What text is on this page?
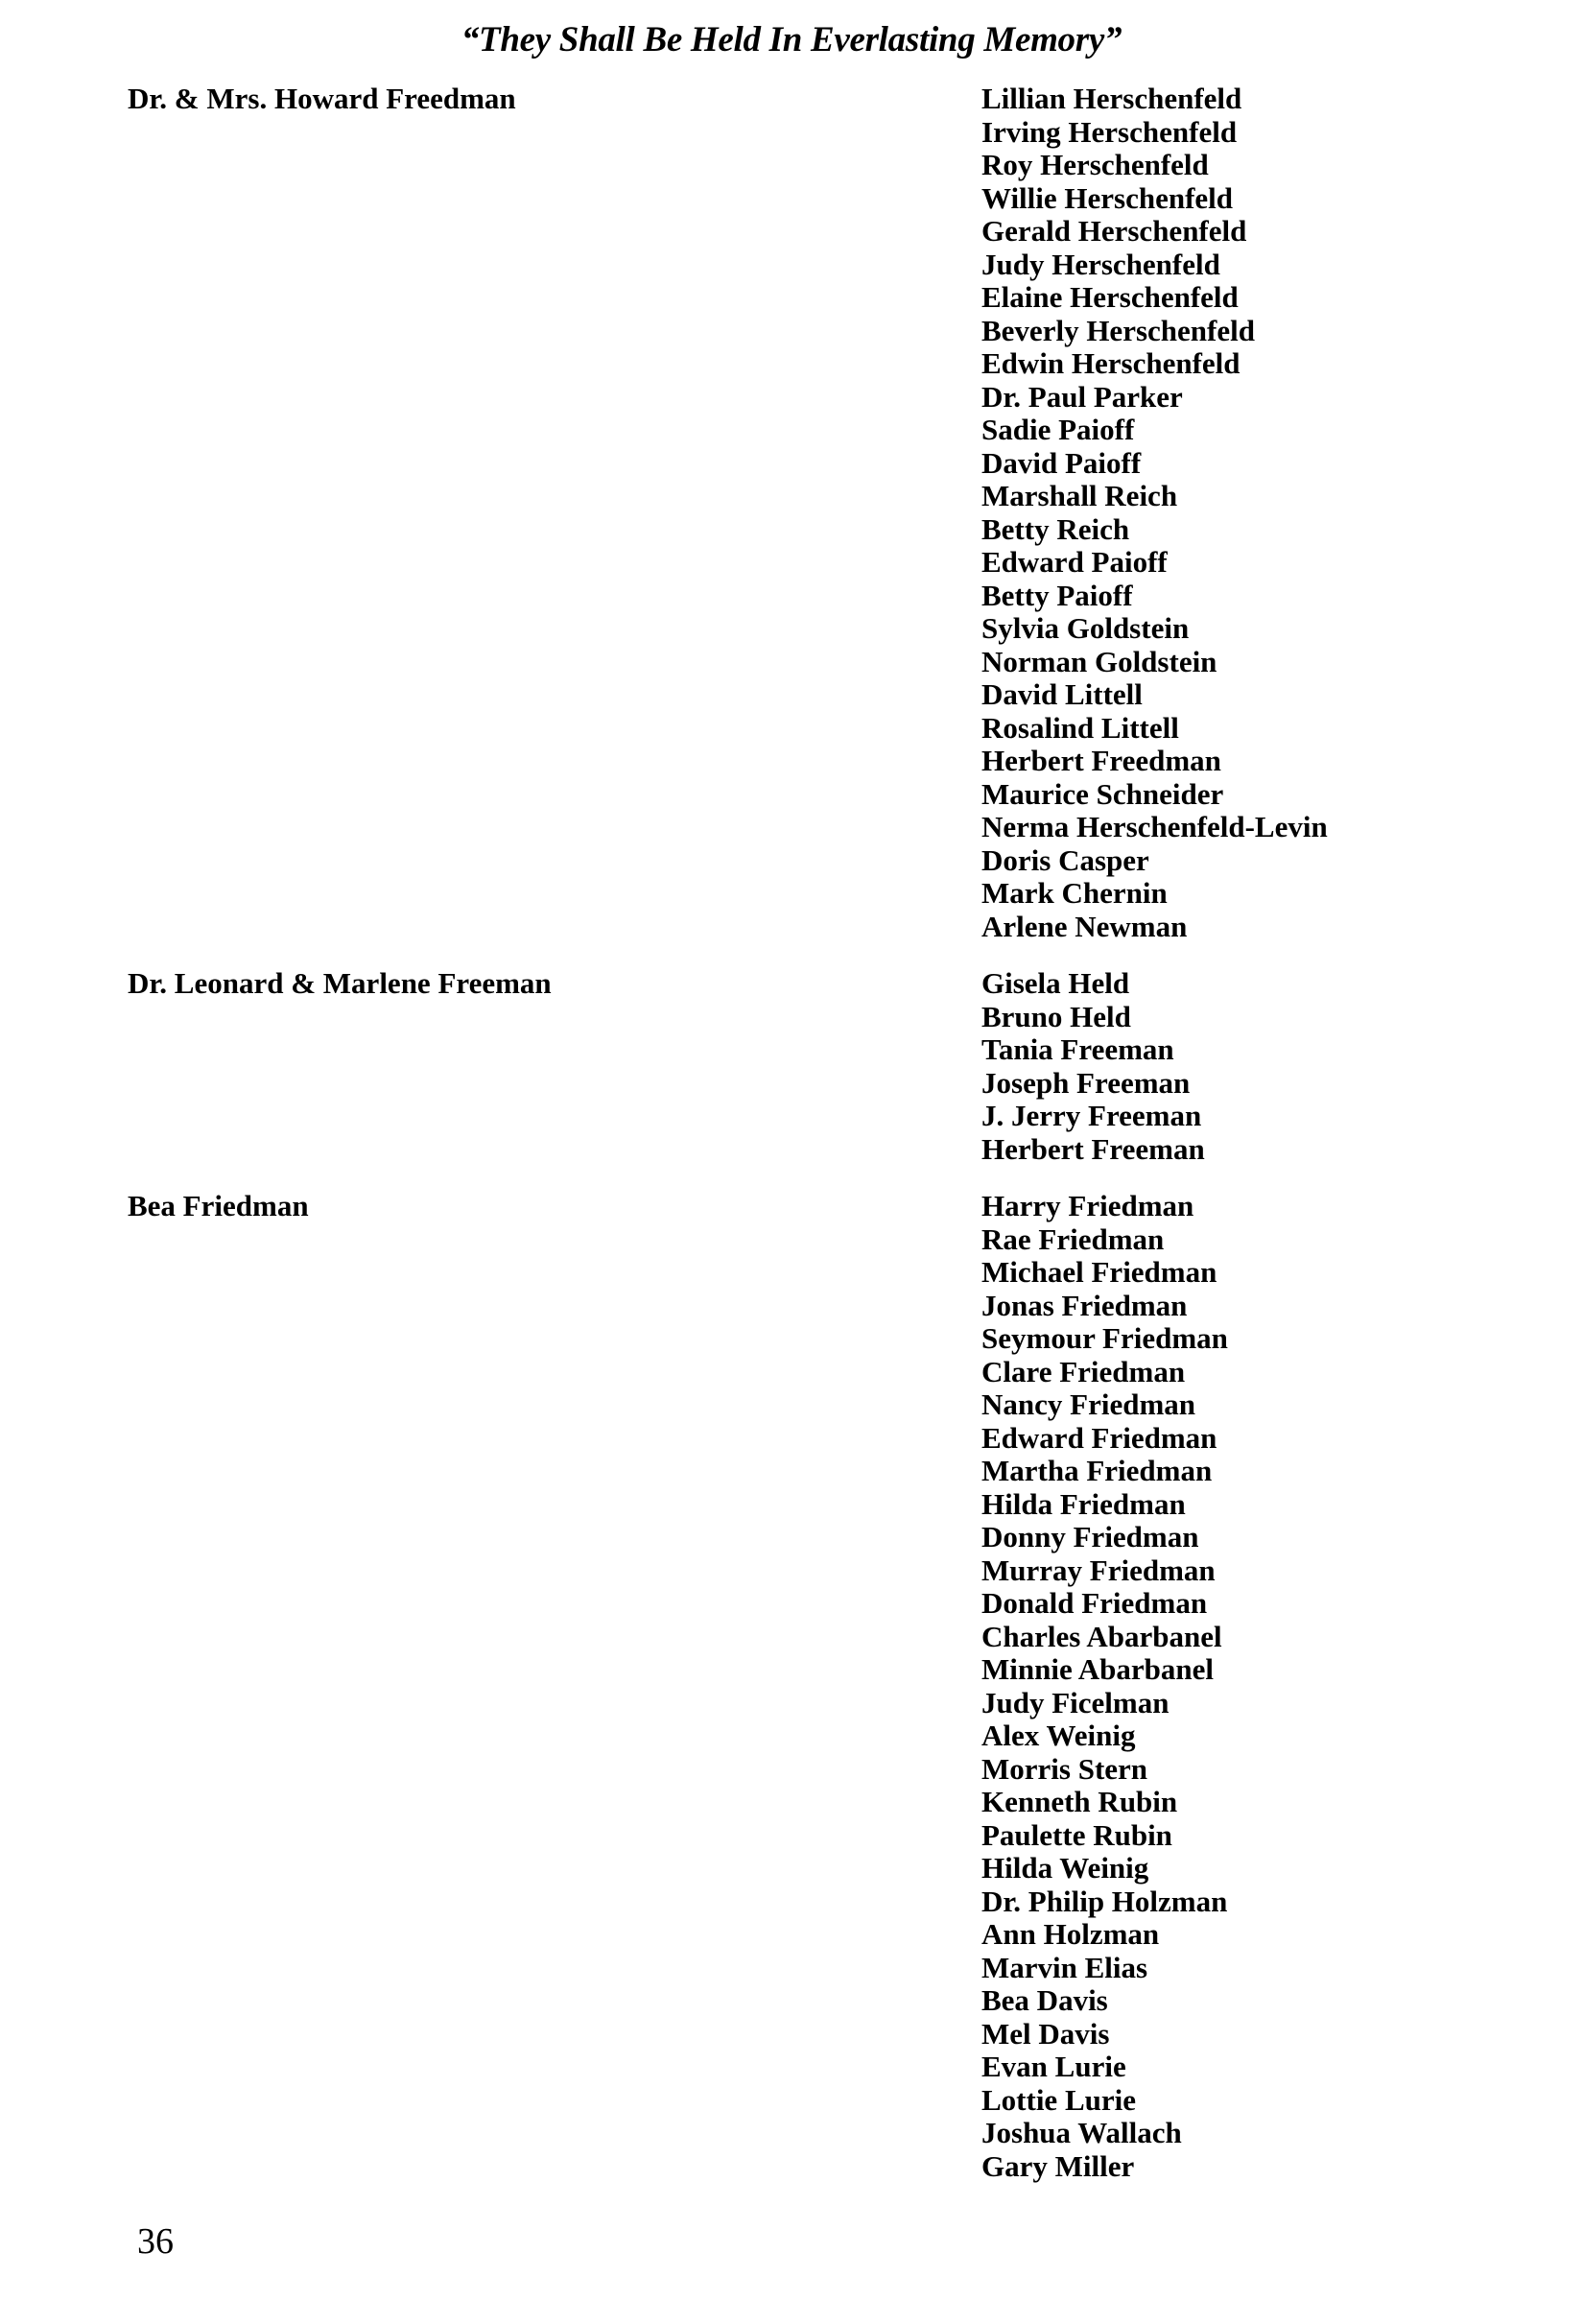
“They Shall Be Held In Everlasting Memory”
Dr. & Mrs. Howard Freedman	Lillian Herschenfeld
Irving Herschenfeld
Roy Herschenfeld
Willie Herschenfeld
Gerald Herschenfeld
Judy Herschenfeld
Elaine Herschenfeld
Beverly Herschenfeld
Edwin Herschenfeld
Dr. Paul Parker
Sadie Paioff
David Paioff
Marshall Reich
Betty Reich
Edward Paioff
Betty Paioff
Sylvia Goldstein
Norman Goldstein
David Littell
Rosalind Littell
Herbert Freedman
Maurice Schneider
Nerma Herschenfeld-Levin
Doris Casper
Mark Chernin
Arlene Newman
Dr. Leonard & Marlene Freeman	Gisela Held
Bruno Held
Tania Freeman
Joseph Freeman
J. Jerry Freeman
Herbert Freeman
Bea Friedman	Harry Friedman
Rae Friedman
Michael Friedman
Jonas Friedman
Seymour Friedman
Clare Friedman
Nancy Friedman
Edward Friedman
Martha Friedman
Hilda Friedman
Donny Friedman
Murray Friedman
Donald Friedman
Charles Abarbanel
Minnie Abarbanel
Judy Ficelman
Alex Weinig
Morris Stern
Kenneth Rubin
Paulette Rubin
Hilda Weinig
Dr. Philip Holzman
Ann Holzman
Marvin Elias
Bea Davis
Mel Davis
Evan Lurie
Lottie Lurie
Joshua Wallach
Gary Miller
36
